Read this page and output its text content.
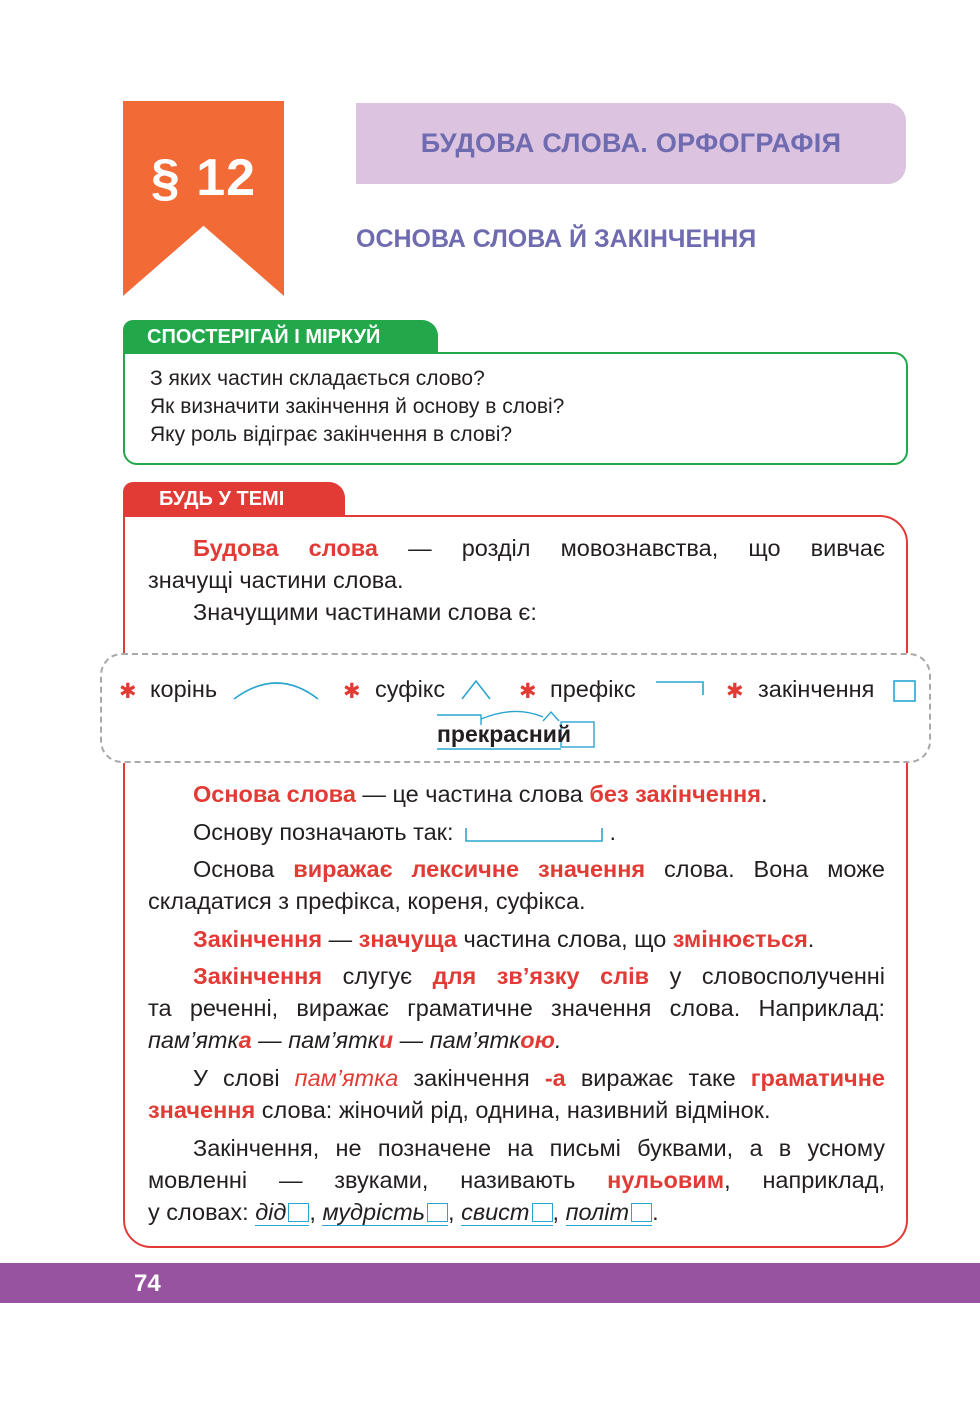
§ 12
БУДОВА СЛОВА. ОРФОГРАФІЯ
ОСНОВА СЛОВА Й ЗАКІНЧЕННЯ
СПОСТЕРІГАЙ І МІРКУЙ
З яких частин складається слово?
Як визначити закінчення й основу в слові?
Яку роль відіграє закінчення в слові?
БУДЬ У ТЕМІ
Будова слова — розділ мовознавства, що вивчає
значущі частини слова.
Значущими частинами слова є:
✱ корінь	✱ суфікс	✱ префікс	✱ закінчення
прекрасний
Основа слова — це частина слова без закінчення.
Основу позначають так:	.
Основа виражає лексичне значення слова. Вона може
складатися з префікса, кореня, суфікса.
Закінчення — значуща частина слова, що змінюється.
Закінчення слугує для зв’язку слів у словосполученні
та реченні, виражає граматичне значення слова. Наприклад:
пам’ятка — пам’ятки — пам’яткою.
У слові пам’ятка закінчення -а виражає таке граматичне
значення слова: жіночий рід, однина, називний відмінок.
Закінчення, не позначене на письмі буквами, а в усному
мовленні — звуками, називають нульовим, наприклад,
у словах: дід , мудрість , свист , політ .
74
